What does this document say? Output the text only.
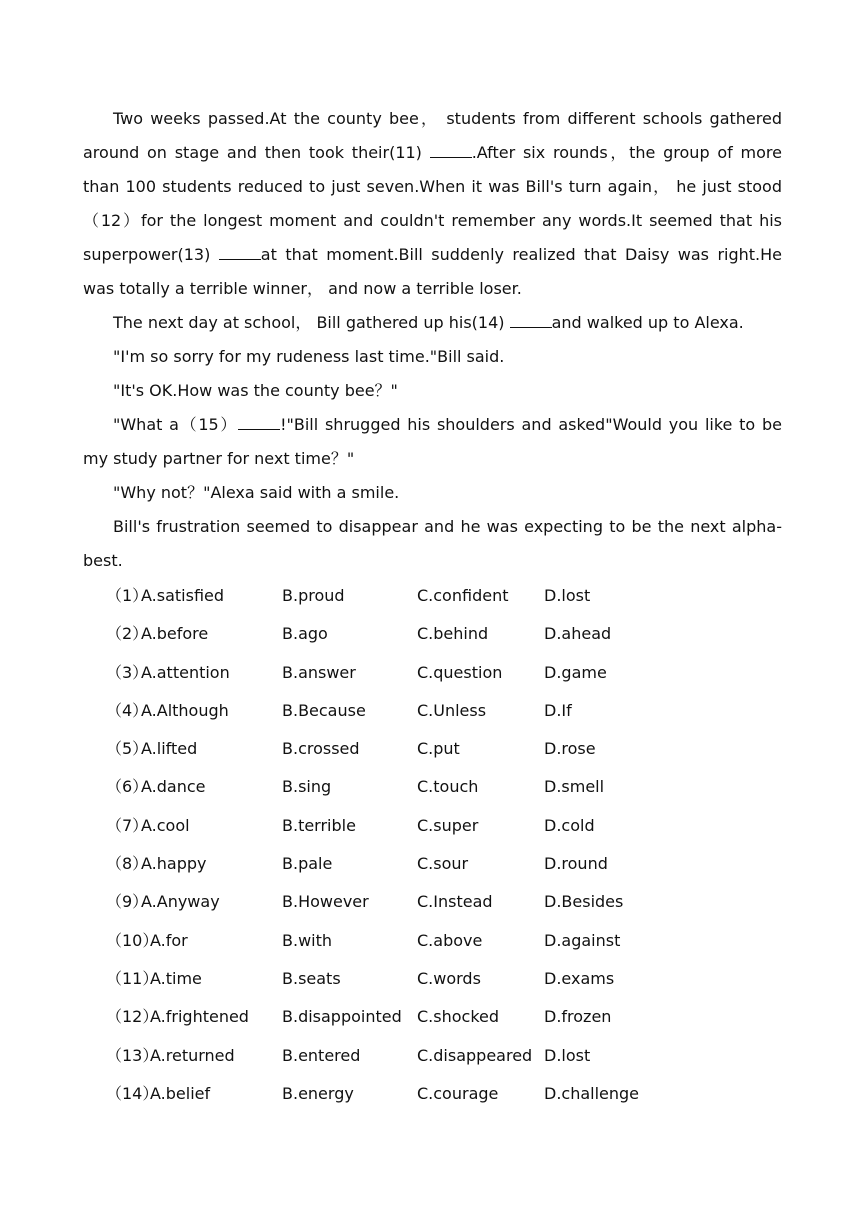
Two weeks passed.At the county bee， students from different schools gathered around on stage and then took their(11)	.After six rounds，the group of more than 100 students reduced to just seven.When it was Bill's turn again， he just stood（12）for the longest moment and couldn't remember any words.It seemed that his superpower(13)	at that moment.Bill suddenly realized that Daisy was right.He was totally a terrible winner， and now a terrible loser.

The next day at school， Bill gathered up his(14)	and walked up to Alexa.

"I'm so sorry for my rudeness last time."Bill said.

"It's OK.How was the county bee？"

"What a（15）	!"Bill shrugged his shoulders and asked"Would you like to be my study partner for next time？"

"Why not？"Alexa said with a smile.

Bill's frustration seemed to disappear and he was expecting to be the next alpha-best.

（1）
A.satisfied	B.proud	C.confident D.lost
（2）
A.before	B.ago	C.behind	D.ahead
（3）
A.attention	B.answer	C.question	D.game
（4）
A.Although	B.Because	C.Unless	D.If
（5）
A.lifted	B.crossed	C.put	D.rose
（6）
A.dance	B.sing	C.touch	D.smell
（7）
A.cool	B.terrible	C.super	D.cold
（8）
A.happy	B.pale	C.sour	D.round
（9）
A.Anyway	B.However	C.Instead	D.Besides
（10）
A.for	B.with	C.above	D.against
（11）
A.time	B.seats	C.words	D.exams
（12）
A.frightened B.disappointed C.shocked	D.frozen
（13）
A.returned	B.entered	C.disappeared D.lost
（14）
A.belief	B.energy	C.courage	D.challenge
